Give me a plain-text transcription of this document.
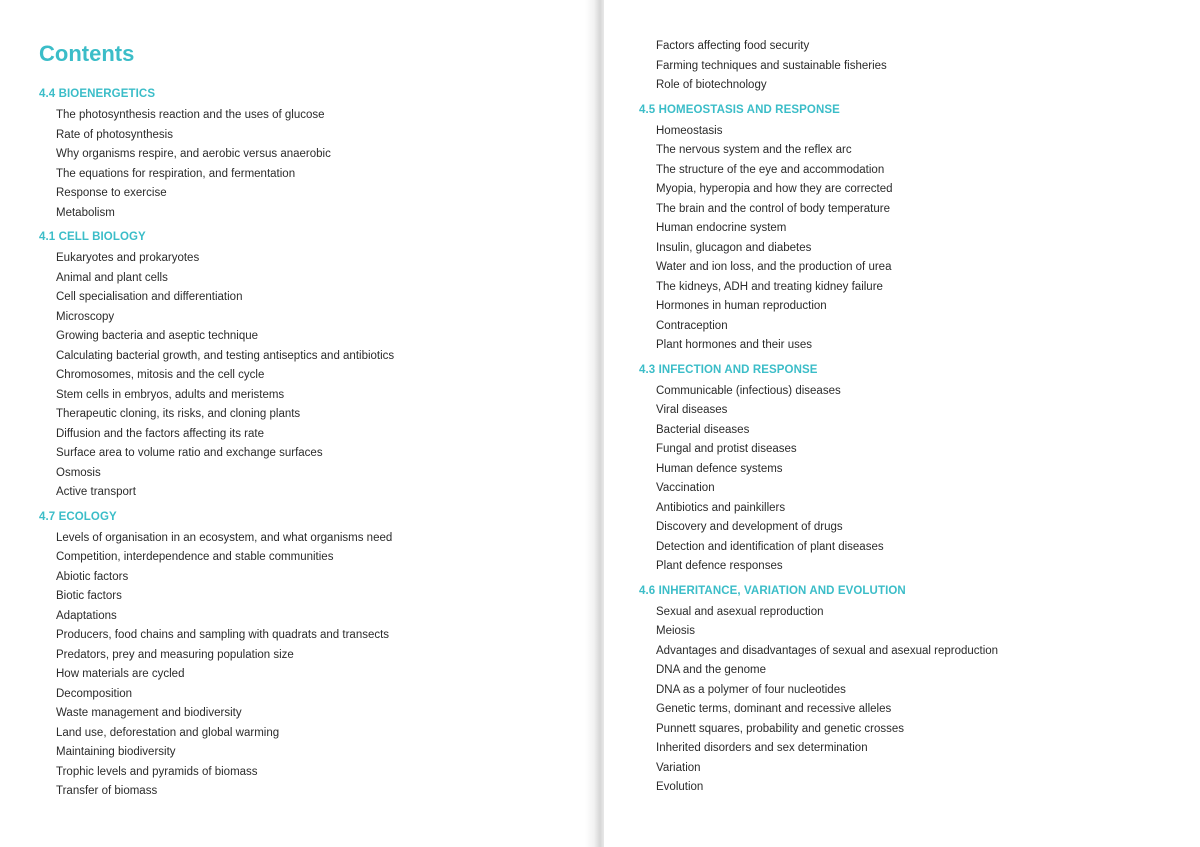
Contents
4.4 BIOENERGETICS
The photosynthesis reaction and the uses of glucose
Rate of photosynthesis
Why organisms respire, and aerobic versus anaerobic
The equations for respiration, and fermentation
Response to exercise
Metabolism
4.1 CELL BIOLOGY
Eukaryotes and prokaryotes
Animal and plant cells
Cell specialisation and differentiation
Microscopy
Growing bacteria and aseptic technique
Calculating bacterial growth, and testing antiseptics and antibiotics
Chromosomes, mitosis and the cell cycle
Stem cells in embryos, adults and meristems
Therapeutic cloning, its risks, and cloning plants
Diffusion and the factors affecting its rate
Surface area to volume ratio and exchange surfaces
Osmosis
Active transport
4.7 ECOLOGY
Levels of organisation in an ecosystem, and what organisms need
Competition, interdependence and stable communities
Abiotic factors
Biotic factors
Adaptations
Producers, food chains and sampling with quadrats and transects
Predators, prey and measuring population size
How materials are cycled
Decomposition
Waste management and biodiversity
Land use, deforestation and global warming
Maintaining biodiversity
Trophic levels and pyramids of biomass
Transfer of biomass
Factors affecting food security
Farming techniques and sustainable fisheries
Role of biotechnology
4.5 HOMEOSTASIS AND RESPONSE
Homeostasis
The nervous system and the reflex arc
The structure of the eye and accommodation
Myopia, hyperopia and how they are corrected
The brain and the control of body temperature
Human endocrine system
Insulin, glucagon and diabetes
Water and ion loss, and the production of urea
The kidneys, ADH and treating kidney failure
Hormones in human reproduction
Contraception
Plant hormones and their uses
4.3 INFECTION AND RESPONSE
Communicable (infectious) diseases
Viral diseases
Bacterial diseases
Fungal and protist diseases
Human defence systems
Vaccination
Antibiotics and painkillers
Discovery and development of drugs
Detection and identification of plant diseases
Plant defence responses
4.6 INHERITANCE, VARIATION AND EVOLUTION
Sexual and asexual reproduction
Meiosis
Advantages and disadvantages of sexual and asexual reproduction
DNA and the genome
DNA as a polymer of four nucleotides
Genetic terms, dominant and recessive alleles
Punnett squares, probability and genetic crosses
Inherited disorders and sex determination
Variation
Evolution
